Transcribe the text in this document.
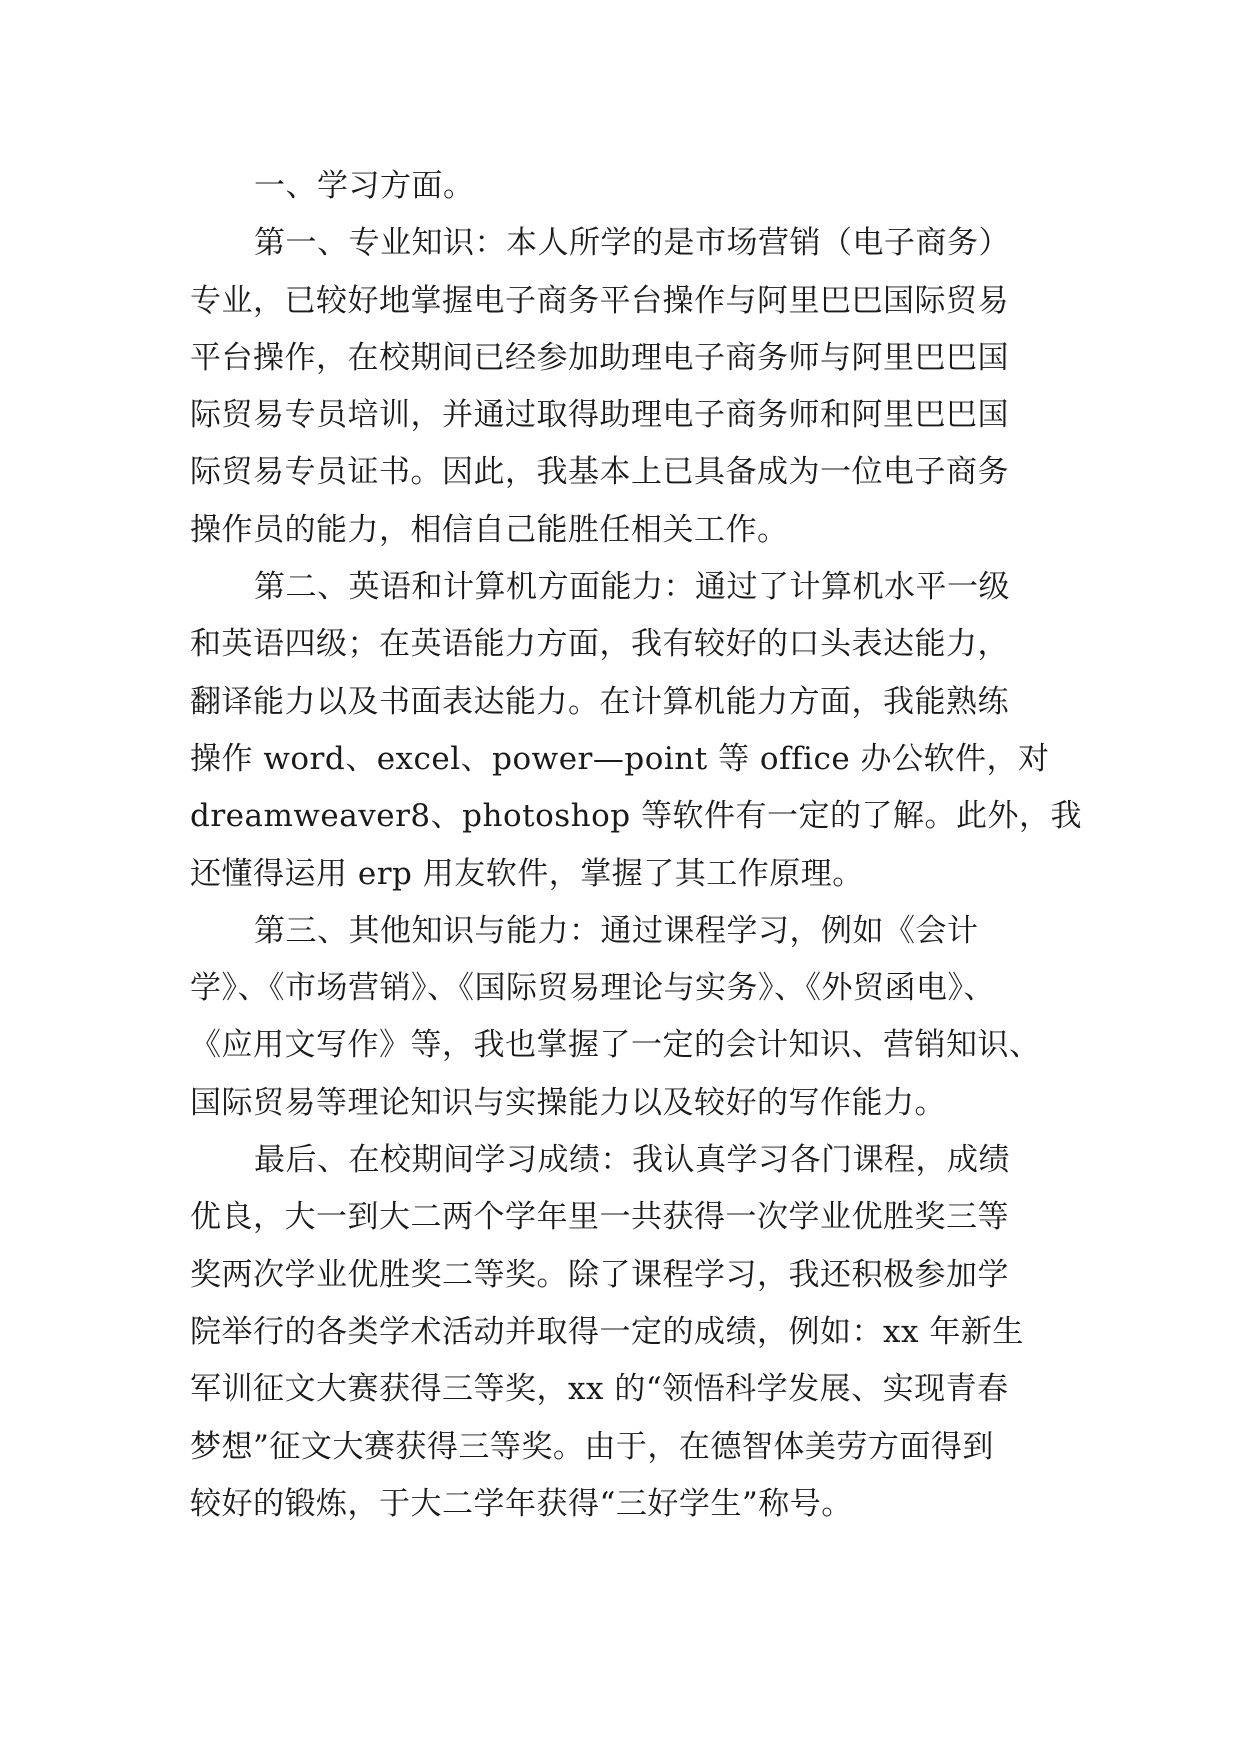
一、学习方面。
第一、专业知识：本人所学的是市场营销（电子商务）
专业，已较好地掌握电子商务平台操作与阿里巴巴国际贸易
平台操作，在校期间已经参加助理电子商务师与阿里巴巴国
际贸易专员培训，并通过取得助理电子商务师和阿里巴巴国
际贸易专员证书。因此，我基本上已具备成为一位电子商务
操作员的能力，相信自己能胜任相关工作。
第二、英语和计算机方面能力：通过了计算机水平一级
和英语四级；在英语能力方面，我有较好的口头表达能力，
翻译能力以及书面表达能力。在计算机能力方面，我能熟练
操作 word、excel、power—point 等 office 办公软件，对
dreamweaver8、photoshop 等软件有一定的了解。此外，我
还懂得运用 erp 用友软件，掌握了其工作原理。
第三、其他知识与能力：通过课程学习，例如《会计
学》、《市场营销》、《国际贸易理论与实务》、《外贸函电》、
《应用文写作》等，我也掌握了一定的会计知识、营销知识、
国际贸易等理论知识与实操能力以及较好的写作能力。
最后、在校期间学习成绩：我认真学习各门课程，成绩
优良，大一到大二两个学年里一共获得一次学业优胜奖三等
奖两次学业优胜奖二等奖。除了课程学习，我还积极参加学
院举行的各类学术活动并取得一定的成绩，例如：xx 年新生
军训征文大赛获得三等奖，xx 的“领悟科学发展、实现青春
梦想”征文大赛获得三等奖。由于，在德智体美劳方面得到
较好的锻炼，于大二学年获得“三好学生”称号。
